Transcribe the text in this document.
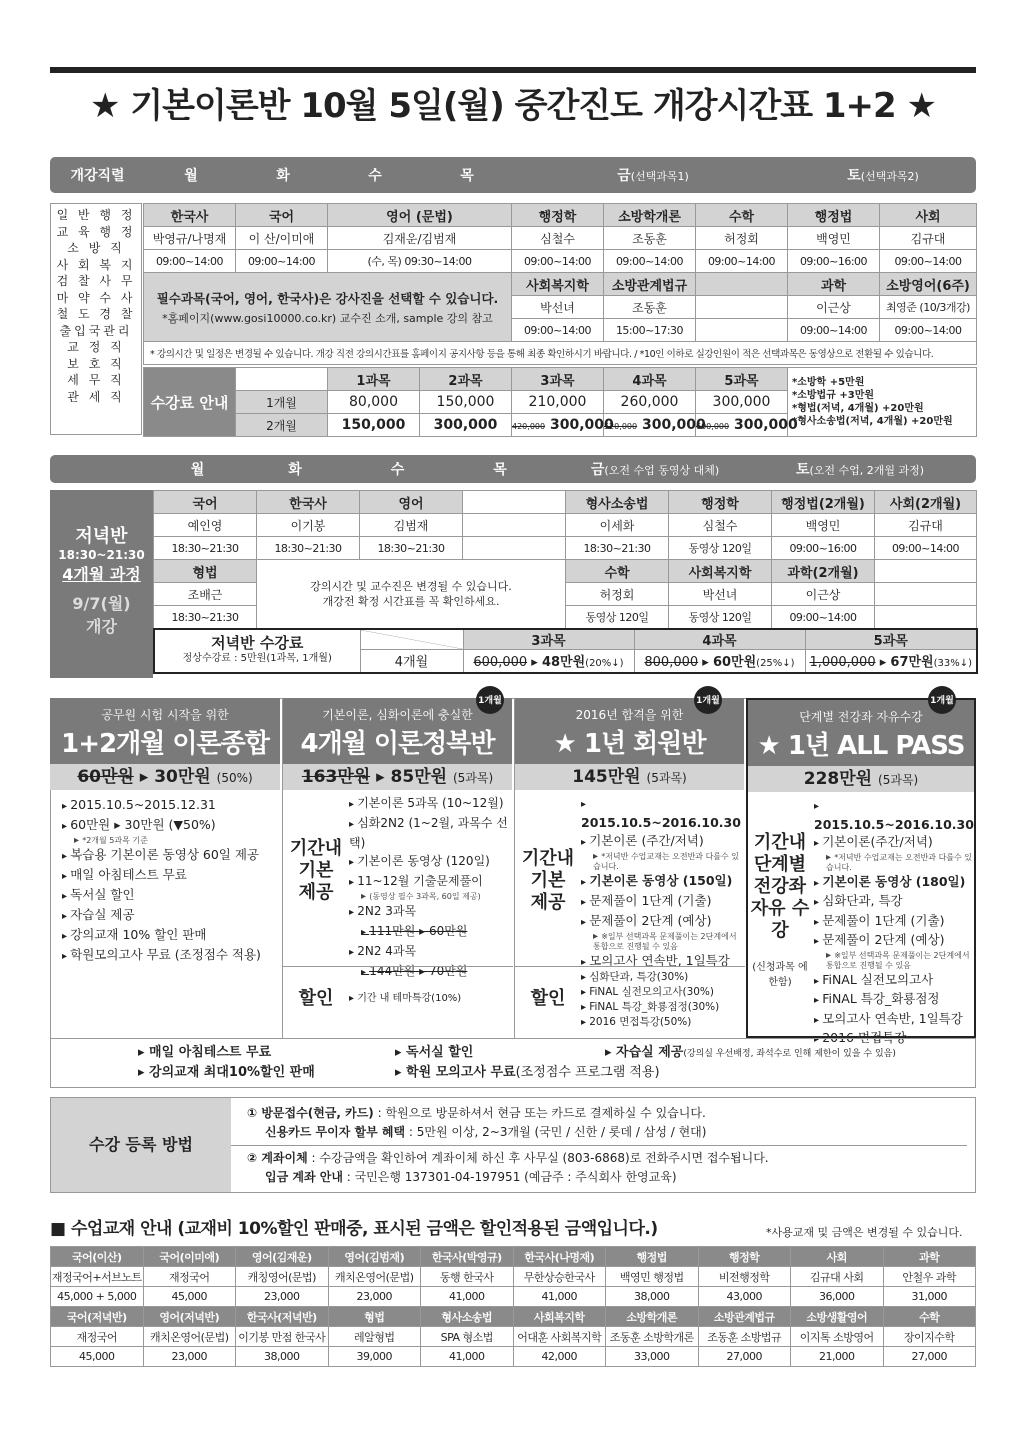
★ 기본이론반 10월 5일(월) 중간진도 개강시간표 1+2 ★
개강직렬	월	화	수	목	금(선택과목1)	토(선택과목2)
일 반 행 정
교 육 행 정
소 방 직
사 회 복 지
검 찰 사 무
마 약 수 사
철 도 경 찰
출입국관리
교 정 직
보 호 직
세 무 직
관 세 직
한국사	국어	영어 (문법)	행정학	소방학개론	수학	행정법	사회
박영규/나명재	이 산/이미애	김재운/김범재	심철수	조동훈	허정회	백영민	김규대
09:00~14:00	09:00~14:00	(수, 목) 09:30~14:00	09:00~14:00	09:00~14:00	09:00~14:00	09:00~16:00	09:00~14:00

필수과목(국어, 영어, 한국사)은 강사진을 선택할 수 있습니다.
*홈페이지(www.gosi10000.co.kr) 교수진 소개, sample 강의 참고			사회복지학	소방관계법규		과학	소방영어(6주)
			박선녀	조동훈		이근상	최영준 (10/3개강)
			09:00~14:00	15:00~17:30		09:00~14:00	09:00~14:00
* 강의시간 및 일정은 변경될 수 있습니다. 개강 직전 강의시간표를 홈페이지 공지사항 등을 통해 최종 확인하시기 바랍니다. / *10인 이하로 실강인원이 적은 선택과목은 동영상으로 전환될 수 있습니다.							
수강료 안내		1과목	2과목	3과목	4과목	5과목	*소방학 +5만원
*소방법규 +3만원
*형법(저녁, 4개월) +20만원
*형사소송법(저녁, 4개월) +20만원

	1개월	80,000	150,000	210,000	260,000	300,000	
	2개월	150,000	300,000	420,000 300,000	520,000 300,000	600,000 300,000	
월	화	수	목	금(오전 수업 동영상 대체)	토(오전 수업, 2개월 과정)
저녁반
18:30~21:30
4개월 과정
9/7(월)
개강
국어	한국사	영어		형사소송법	행정학	행정법(2개월)	사회(2개월)
예인영	이기봉	김범재		이세화	심철수	백영민	김규대
18:30~21:30	18:30~21:30	18:30~21:30		18:30~21:30	동영상 120일	09:00~16:00	09:00~14:00
형법	강의시간 및 교수진은 변경될 수 있습니다.
개강전 확정 시간표를 꼭 확인하세요.			수학	사회복지학	과학(2개월)	
조배근				허정회	박선녀	이근상	
18:30~21:30				동영상 120일	동영상 120일	09:00~14:00	
저녁반 수강료
정상수강료 : 5만원(1과목, 1개월)		3과목	4과목	5과목
	4개월	600,000 ▸ 48만원(20%↓)	800,000 ▸ 60만원(25%↓)	1,000,000 ▸ 67만원(33%↓)
공무원 시험 시작을 위한
1+2개월 이론종합
60만원 ▸ 30만원 (50%)
▸ 2015.10.5~2015.12.31
▸ 60만원 ▸ 30만원 (▼50%)
▸ *2개월 5과목 기준
▸ 복습용 기본이론 동영상 60일 제공
▸ 매일 아침테스트 무료
▸ 독서실 할인
▸ 자습실 제공
▸ 강의교재 10% 할인 판매
▸ 학원모의고사 무료 (조정점수 적용)
기본이론, 심화이론에 충실한
4개월 이론정복반
163만원 ▸ 85만원 (5과목)
기간내 기본 제공
▸ 기본이론 5과목 (10~12월)
▸ 심화2N2 (1~2월, 과목수 선택)
▸ 기본이론 동영상 (120일)
▸ 11~12월 기출문제풀이
▸ (동영상 필수 3과목, 60일 제공)
▸ 2N2 3과목
▸ 111만원 ▸ 60만원
▸ 2N2 4과목
▸ 144만원 ▸ 70만원
할인	▸ 기간 내 테마특강(10%)
2016년 합격을 위한
★ 1년 회원반
145만원 (5과목)
기간내 기본 제공
▸ 2015.10.5~2016.10.30
▸ 기본이론 (주간/저녁)
▸ *저녁반 수업교재는 오전반과 다를수 있습니다.
▸ 기본이론 동영상 (150일)
▸ 문제풀이 1단계 (기출)
▸ 문제풀이 2단계 (예상)
▸ ※일부 선택과목 문제풀이는 2단계에서 통합으로 진행될 수 있음
▸ 모의고사 연속반, 1일특강
할인
▸ 심화단과, 특강(30%)
▸ FiNAL 실전모의고사(30%)
▸ FiNAL 특강_화룡점정(30%)
▸ 2016 면접특강(50%)
단계별 전강좌 자유수강
★ 1년 ALL PASS
228만원 (5과목)
기간내 단계별 전강좌 자유 수강
(신청과목 에 한함)
▸ 2015.10.5~2016.10.30
▸ 기본이론(주간/저녁)
▸ *저녁반 수업교재는 오전반과 다를수 있습니다.
▸ 기본이론 동영상 (180일)
▸ 심화단과, 특강
▸ 문제풀이 1단계 (기출)
▸ 문제풀이 2단계 (예상)
▸ ※일부 선택과목 문제풀이는 2단계에서 통합으로 진행될 수 있음
▸ FiNAL 실전모의고사
▸ FiNAL 특강_화룡점정
▸ 모의고사 연속반, 1일특강
▸ 2016 면접특강
1개월	1개월	1개월
▸ 매일 아침테스트 무료	▸ 독서실 할인	▸ 자습실 제공(강의실 우선배정, 좌석수로 인해 제한이 있을 수 있음)
▸ 강의교재 최대10%할인 판매	▸ 학원 모의고사 무료(조정점수 프로그램 적용)
수강 등록 방법
① 방문접수(현금, 카드) : 학원으로 방문하셔서 현금 또는 카드로 결제하실 수 있습니다.
신용카드 무이자 할부 혜택 : 5만원 이상, 2~3개월 (국민 / 신한 / 롯데 / 삼성 / 현대)
② 계좌이체 : 수강금액을 확인하여 계좌이체 하신 후 사무실 (803-6868)로 전화주시면 접수됩니다.
입금 계좌 안내 : 국민은행 137301-04-197951 (예금주 : 주식회사 한영교육)
■ 수업교재 안내 (교재비 10%할인 판매중, 표시된 금액은 할인적용된 금액입니다.)	*사용교재 및 금액은 변경될 수 있습니다.
국어(이산)	국어(이미애)	영어(김재운)	영어(김범재)	한국사(박영규)	한국사(나명재)	행정법	행정학	사회	과학
재정국어+서브노트	재정국어	캐칭영어(문법)	캐치온영어(문법)	동행 한국사	무한상승한국사	백영민 행정법	비전행정학	김규대 사회	안철우 과학
45,000 + 5,000	45,000	23,000	23,000	41,000	41,000	38,000	43,000	36,000	31,000
국어(저녁반)	영어(저녁반)	한국사(저녁반)	형법	형사소송법	사회복지학	소방학개론	소방관계법규	소방생활영어	수학
재정국어	캐치온영어(문법)	이기봉 만점 한국사	레알형법	SPA 형소법	어대훈 사회복지학	조동훈 소방학개론	조동훈 소방법규	이지톡 소방영어	장이지수학
45,000	23,000	38,000	39,000	41,000	42,000	33,000	27,000	21,000	27,000
